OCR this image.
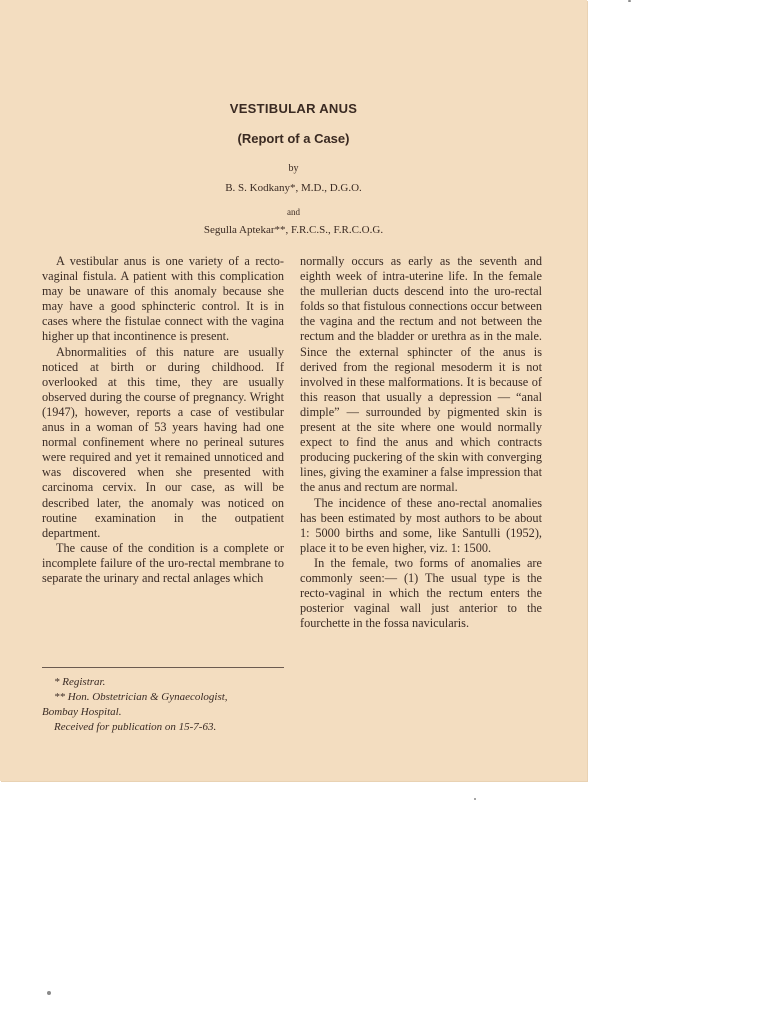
VESTIBULAR ANUS
(Report of a Case)
by
B. S. Kodkany*, M.D., D.G.O.
and
Segulla Aptekar**, F.R.C.S., F.R.C.O.G.

A vestibular anus is one variety of a recto-vaginal fistula. A patient with this complication may be unaware of this anomaly because she may have a good sphincteric control. It is in cases where the fistulae connect with the vagina higher up that incontinence is present.

Abnormalities of this nature are usually noticed at birth or during childhood. If overlooked at this time, they are usually observed during the course of pregnancy. Wright (1947), however, reports a case of vestibular anus in a woman of 53 years having had one normal confinement where no perineal sutures were required and yet it remained unnoticed and was discovered when she presented with carcinoma cervix. In our case, as will be described later, the anomaly was noticed on routine examination in the outpatient department.

The cause of the condition is a complete or incomplete failure of the uro-rectal membrane to separate the urinary and rectal anlages which

* Registrar.
** Hon. Obstetrician & Gynaecologist,
Bombay Hospital.
Received for publication on 15-7-63.

normally occurs as early as the seventh and eighth week of intra-uterine life. In the female the mullerian ducts descend into the uro-rectal folds so that fistulous connections occur between the vagina and the rectum and not between the rectum and the bladder or urethra as in the male. Since the external sphincter of the anus is derived from the regional mesoderm it is not involved in these malformations. It is because of this reason that usually a depression — “anal dimple” — surrounded by pigmented skin is present at the site where one would normally expect to find the anus and which contracts producing puckering of the skin with converging lines, giving the examiner a false impression that the anus and rectum are normal.

The incidence of these ano-rectal anomalies has been estimated by most authors to be about 1: 5000 births and some, like Santulli (1952), place it to be even higher, viz. 1: 1500.

In the female, two forms of anomalies are commonly seen:— (1) The usual type is the recto-vaginal in which the rectum enters the posterior vaginal wall just anterior to the fourchette in the fossa navicularis.
